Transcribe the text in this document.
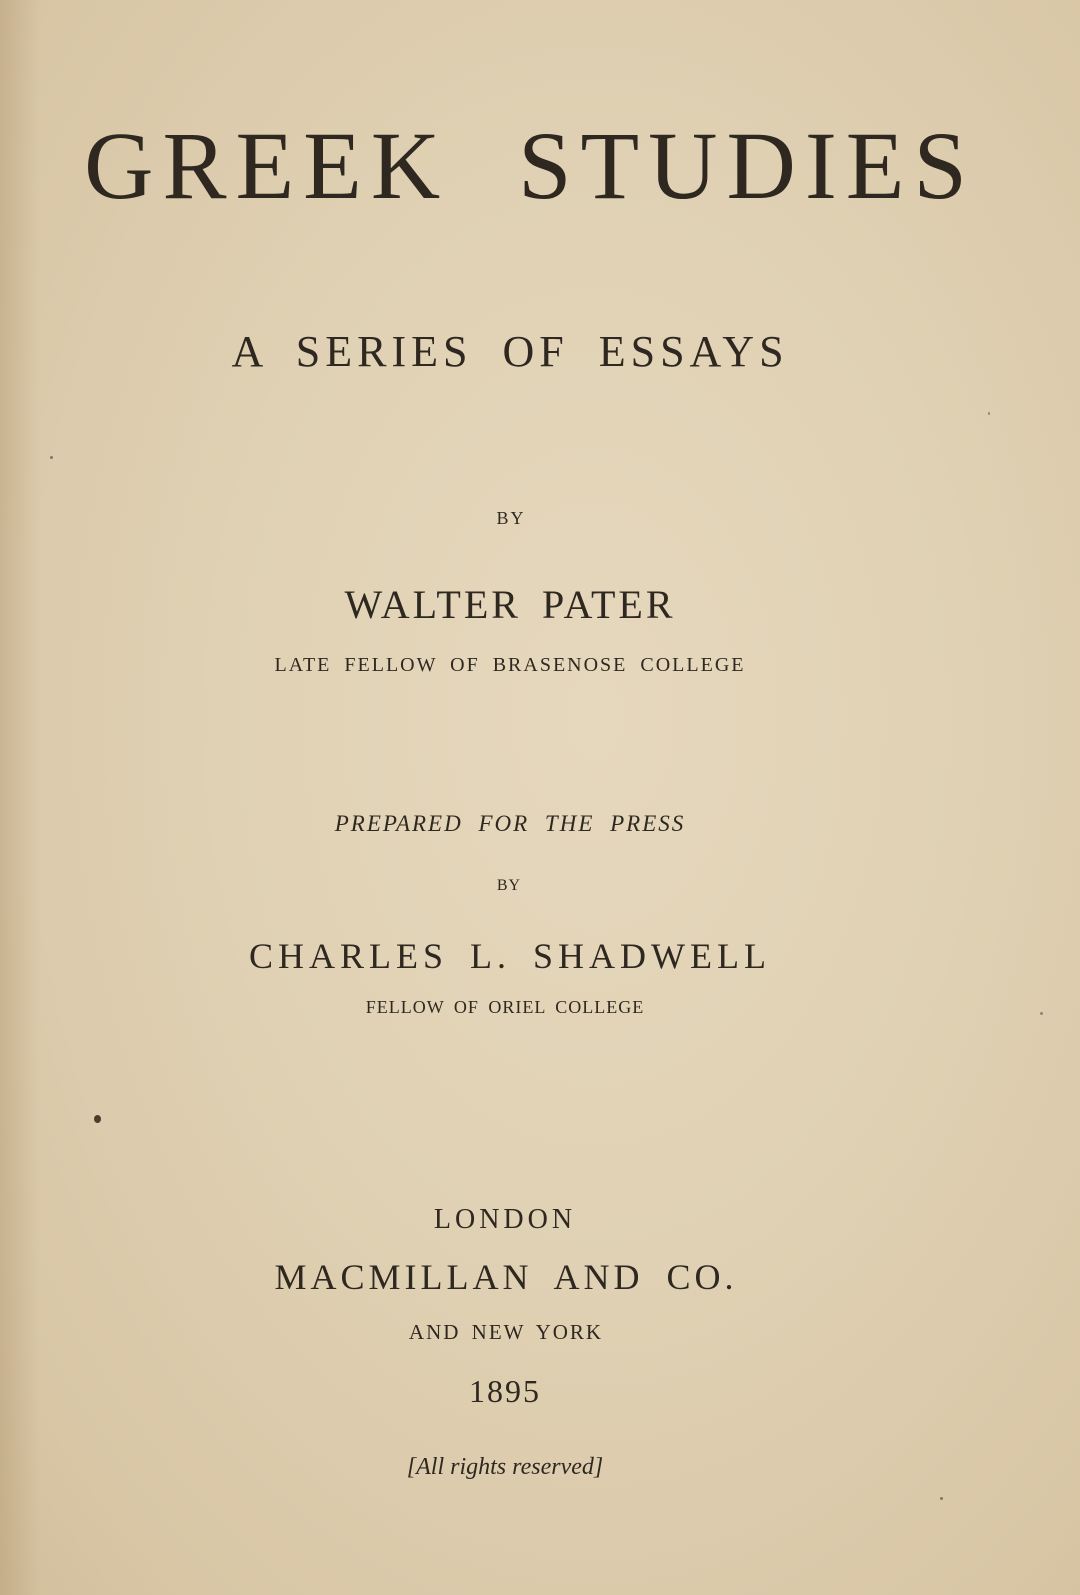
GREEK STUDIES
A SERIES OF ESSAYS
BY
WALTER PATER
LATE FELLOW OF BRASENOSE COLLEGE
PREPARED FOR THE PRESS
BY
CHARLES L. SHADWELL
FELLOW OF ORIEL COLLEGE
LONDON
MACMILLAN AND CO.
AND NEW YORK
1895
[All rights reserved]
